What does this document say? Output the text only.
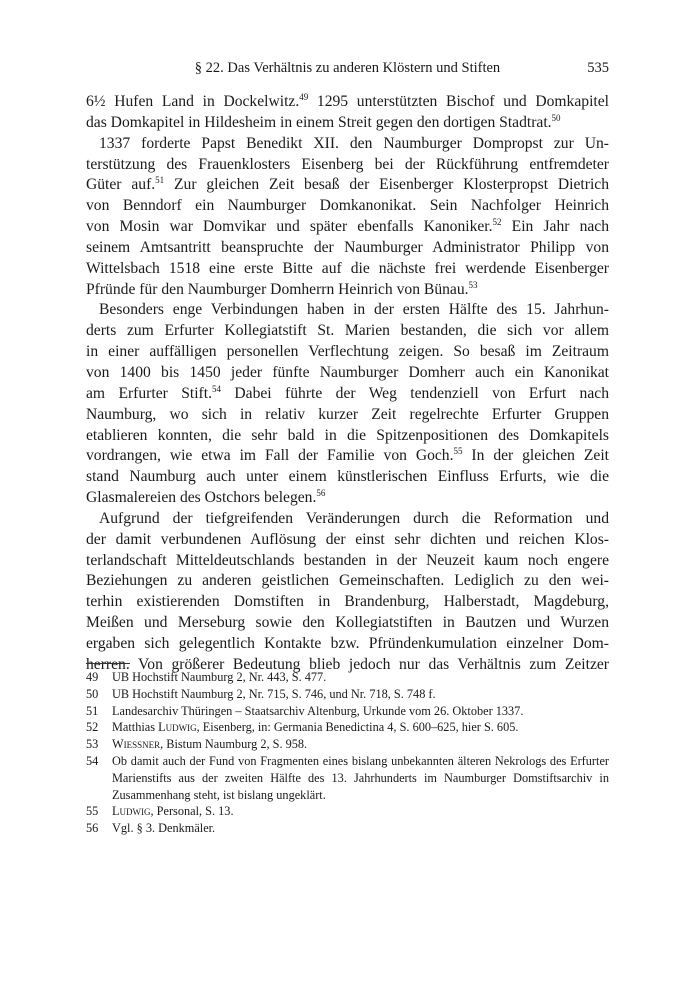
§ 22. Das Verhältnis zu anderen Klöstern und Stiften	535
6½ Hufen Land in Dockelwitz.$^{49}$ 1295 unterstützten Bischof und Domkapitel
das Domkapitel in Hildesheim in einem Streit gegen den dortigen Stadtrat.$^{50}$
1337 forderte Papst Benedikt XII. den Naumburger Dompropst zur Un-
terstützung des Frauenklosters Eisenberg bei der Rückführung entfremdeter
Güter auf.$^{51}$ Zur gleichen Zeit besaß der Eisenberger Klosterpropst Dietrich
von Benndorf ein Naumburger Domkanonikat. Sein Nachfolger Heinrich
von Mosin war Domvikar und später ebenfalls Kanoniker.$^{52}$ Ein Jahr nach
seinem Amtsantritt beanspruchte der Naumburger Administrator Philipp von
Wittelsbach 1518 eine erste Bitte auf die nächste frei werdende Eisenberger
Pfründe für den Naumburger Domherrn Heinrich von Bünau.$^{53}$
Besonders enge Verbindungen haben in der ersten Hälfte des 15. Jahrhun-
derts zum Erfurter Kollegiatstift St. Marien bestanden, die sich vor allem
in einer auffälligen personellen Verflechtung zeigen. So besaß im Zeitraum
von 1400 bis 1450 jeder fünfte Naumburger Domherr auch ein Kanonikat
am Erfurter Stift.$^{54}$ Dabei führte der Weg tendenziell von Erfurt nach
Naumburg, wo sich in relativ kurzer Zeit regelrechte Erfurter Gruppen
etablieren konnten, die sehr bald in die Spitzenpositionen des Domkapitels
vordrangen, wie etwa im Fall der Familie von Goch.$^{55}$ In der gleichen Zeit
stand Naumburg auch unter einem künstlerischen Einfluss Erfurts, wie die
Glasmalereien des Ostchors belegen.$^{56}$
Aufgrund der tiefgreifenden Veränderungen durch die Reformation und
der damit verbundenen Auflösung der einst sehr dichten und reichen Klos-
terlandschaft Mitteldeutschlands bestanden in der Neuzeit kaum noch engere
Beziehungen zu anderen geistlichen Gemeinschaften. Lediglich zu den wei-
terhin existierenden Domstiften in Brandenburg, Halberstadt, Magdeburg,
Meißen und Merseburg sowie den Kollegiatstiften in Bautzen und Wurzen
ergaben sich gelegentlich Kontakte bzw. Pfründenkumulation einzelner Dom-
herren. Von größerer Bedeutung blieb jedoch nur das Verhältnis zum Zeitzer

49 UB Hochstift Naumburg 2, Nr. 443, S. 477.

50 UB Hochstift Naumburg 2, Nr. 715, S. 746, und Nr. 718, S. 748 f.

51 Landesarchiv Thüringen – Staatsarchiv Altenburg, Urkunde vom 26. Oktober 1337.

52 Matthias Ludwig, Eisenberg, in: Germania Benedictina 4, S. 600–625, hier S. 605.

53 Wiessner, Bistum Naumburg 2, S. 958.

54 Ob damit auch der Fund von Fragmenten eines bislang unbekannten älteren Nekrologs des Erfurter Marienstifts aus der zweiten Hälfte des 13. Jahrhunderts im Naumburger Domstiftsarchiv in Zusammenhang steht, ist bislang ungeklärt.

55 Ludwig, Personal, S. 13.

56 Vgl. § 3. Denkmäler.
